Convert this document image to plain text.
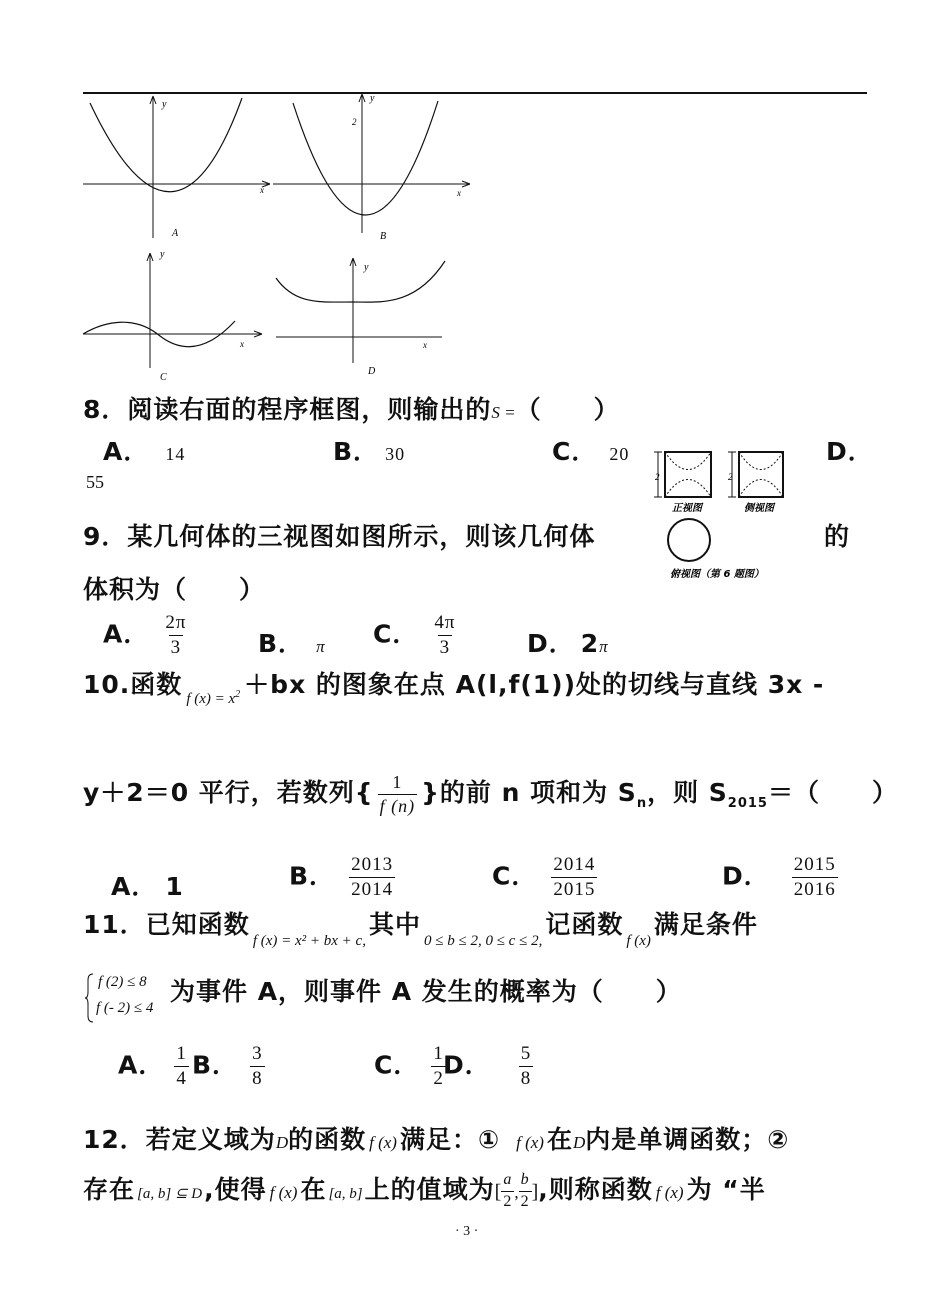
y
x
A
y
2
x
B
y
x
C
y
x
D
8．阅读右面的程序框图，则输出的S =（　　）
A． 14	B． 30	C． 20	D．
55	2
正视图
2
侧视图
俯视图（第 6 题图）
9．某几何体的三视图如图所示，则该几何体	的
体积为（　　）
A． $\frac{2\pi}{3}$	B． π C． $\frac{4\pi}{3}$	D． 2π
10.函数 $_{f (x) = x^2}$ ＋bx 的图象在点 A(l,f(1))处的切线与直线 3x -
y＋2＝0 平行，若数列{ $\frac{1}{f (n)}$ }的前 n 项和为 $S_n$，则 $S_{2015}=$（　　）
A． 1	B． $\frac{2013}{2014}$	C． $\frac{2014}{2015}$	D． $\frac{2015}{2016}$
11．已知函数$_{f (x) = x^2 + bx + c,}$其中$_{0 \le b \le 2, 0 \le c \le 2,}$记函数$_{f (x)}$满足条件
f (2) ≤ 8
f (- 2) ≤ 4
为事件 A，则事件 A 发生的概率为（　　）
A． $\frac{1}{4}$ B． $\frac{3}{8}$	C． $\frac{1}{2}$
D． $\frac{5}{8}$
12．若定义域为D的函数 f (x) 满足：① f (x) 在D内是单调函数；②
存在 [a, b] ⊆ D,使得 f (x) 在 [a, b]上的值域为[ $\frac{a}{2}$ , $\frac{b}{2}$ ],则称函数 f (x) 为 “半
· 3 ·
